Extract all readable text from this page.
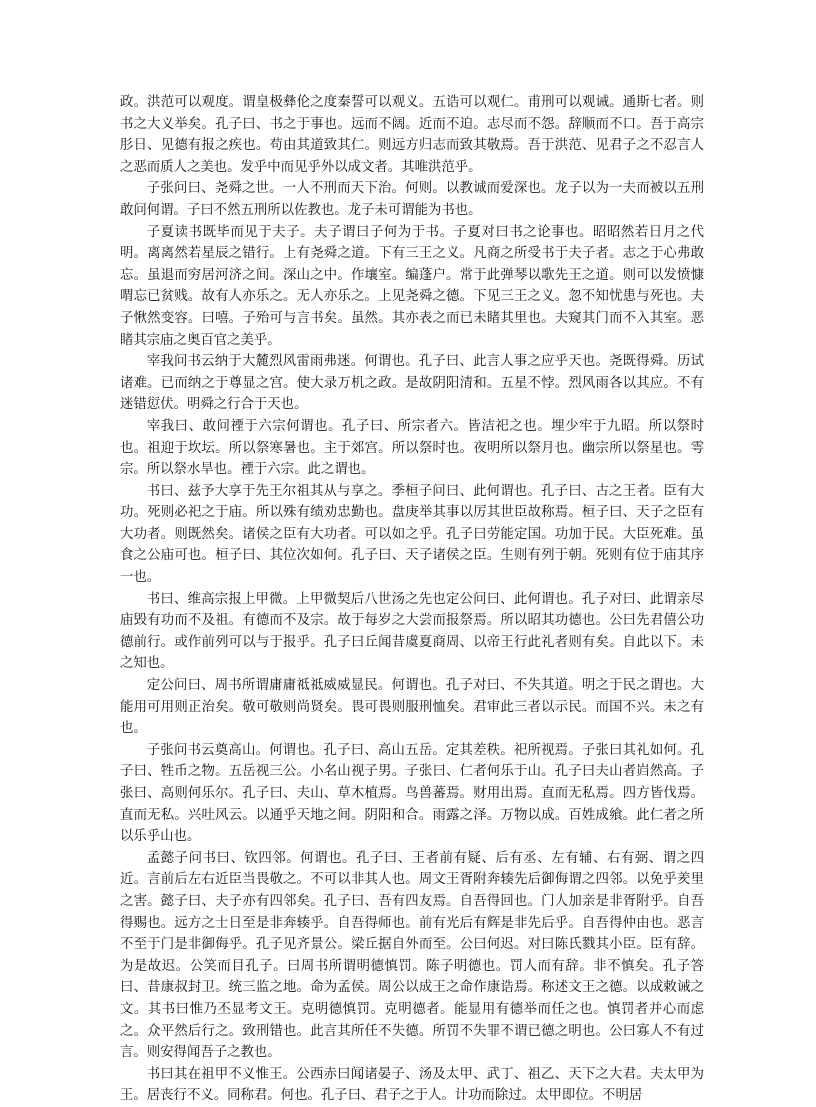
政。洪范可以观度。谓皇极彝伦之度秦誓可以观义。五诰可以观仁。甫刑可以观诫。通斯七者。则书之大义举矣。孔子曰、书之于事也。远而不阔。近而不迫。志尽而不怨。辞顺而不口。吾于高宗肜日、见德有报之疾也。苟由其道致其仁。则远方归志而致其敬焉。吾于洪范、见君子之不忍言人之恶而质人之美也。发乎中而见乎外以成文者。其唯洪范乎。

子张问曰、尧舜之世。一人不刑而天下治。何则。以教诚而爱深也。龙子以为一夫而被以五刑敢问何谓。子曰不然五刑所以佐教也。龙子未可谓能为书也。

子夏读书既毕而见于夫子。夫子谓曰子何为于书。子夏对曰书之论事也。昭昭然若日月之代明。离离然若星辰之错行。上有尧舜之道。下有三王之义。凡商之所受书于夫子者。志之于心弗敢忘。虽退而穷居河济之间。深山之中。作壤室。编蓬户。常于此弹琴以歌先王之道。则可以发愤慷喟忘已贫贱。故有人亦乐之。无人亦乐之。上见尧舜之德。下见三王之义。忽不知忧患与死也。夫子愀然变容。曰嘻。子殆可与言书矣。虽然。其亦表之而已未睹其里也。夫窥其门而不入其室。恶睹其宗庙之奥百官之美乎。

宰我问书云纳于大麓烈风雷雨弗迷。何谓也。孔子曰、此言人事之应乎天也。尧既得舜。历试诸难。已而纳之于尊显之宫。使大录万机之政。是故阴阳清和。五星不悖。烈风雨各以其应。不有迷错愆伏。明舜之行合于天也。

宰我曰、敢问禋于六宗何谓也。孔子曰、所宗者六。皆洁祀之也。埋少牢于九昭。所以祭时也。祖迎于坎坛。所以祭寒暑也。主于郊宫。所以祭时也。夜明所以祭月也。幽宗所以祭星也。雩宗。所以祭水旱也。禋于六宗。此之谓也。

书曰、兹予大享于先王尔祖其从与享之。季桓子问曰、此何谓也。孔子曰、古之王者。臣有大功。死则必祀之于庙。所以殊有绩劝忠勤也。盘庚举其事以厉其世臣故称焉。桓子曰、天子之臣有大功者。则既然矣。诸侯之臣有大功者。可以如之乎。孔子曰劳能定国。功加于民。大臣死难。虽食之公庙可也。桓子曰、其位次如何。孔子曰、天子诸侯之臣。生则有列于朝。死则有位于庙其序一也。

书曰、维高宗报上甲微。上甲微契后八世汤之先也定公问曰、此何谓也。孔子对曰、此谓亲尽庙毁有功而不及祖。有德而不及宗。故于每岁之大尝而报祭焉。所以昭其功德也。公曰先君僖公功德前行。或作前列可以与于报乎。孔子曰丘闻昔虞夏商周、以帝王行此礼者则有矣。自此以下。未之知也。

定公问曰、周书所谓庸庸祗祗威威显民。何谓也。孔子对曰、不失其道。明之于民之谓也。大能用可用则正治矣。敬可敬则尚贤矣。畏可畏则服刑恤矣。君审此三者以示民。而国不兴。未之有也。

子张问书云奠高山。何谓也。孔子曰、高山五岳。定其差秩。祀所视焉。子张曰其礼如何。孔子曰、牲币之物。五岳视三公。小名山视子男。子张曰、仁者何乐于山。孔子曰夫山者岿然高。子张曰、高则何乐尔。孔子曰、夫山、草木植焉。鸟兽蕃焉。财用出焉。直而无私焉。四方皆伐焉。直而无私。兴吐风云。以通乎天地之间。阴阳和合。雨露之泽。万物以成。百姓成飨。此仁者之所以乐乎山也。

孟懿子问书曰、钦四邻。何谓也。孔子曰、王者前有疑、后有丞、左有辅、右有弼、谓之四近。言前后左右近臣当畏敬之。不可以非其人也。周文王胥附奔辏先后御侮谓之四邻。以免乎羑里之害。懿子曰、夫子亦有四邻矣。孔子曰、吾有四友焉。自吾得回也。门人加亲是非胥附乎。自吾得赐也。远方之士日至是非奔辏乎。自吾得师也。前有光后有辉是非先后乎。自吾得仲由也。恶言不至于门是非御侮乎。孔子见齐景公。梁丘据自外而至。公曰何迟。对曰陈氏戮其小臣。臣有辞。为是故迟。公笑而目孔子。曰周书所谓明德慎罚。陈子明德也。罚人而有辞。非不慎矣。孔子答曰、昔康叔封卫。统三监之地。命为孟侯。周公以成王之命作康诰焉。称述文王之德。以成敕诫之文。其书曰惟乃丕显考文王。克明德慎罚。克明德者。能显用有德举而任之也。慎罚者并心而虑之。众平然后行之。致刑错也。此言其所任不失德。所罚不失罪不谓已德之明也。公曰寡人不有过言。则安得闻吾子之教也。

书曰其在祖甲不义惟王。公西赤曰闻诸晏子、汤及太甲、武丁、祖乙、天下之大君。夫太甲为王。居丧行不义。同称君。何也。孔子曰、君子之于人。计功而除过。太甲即位。不明居
